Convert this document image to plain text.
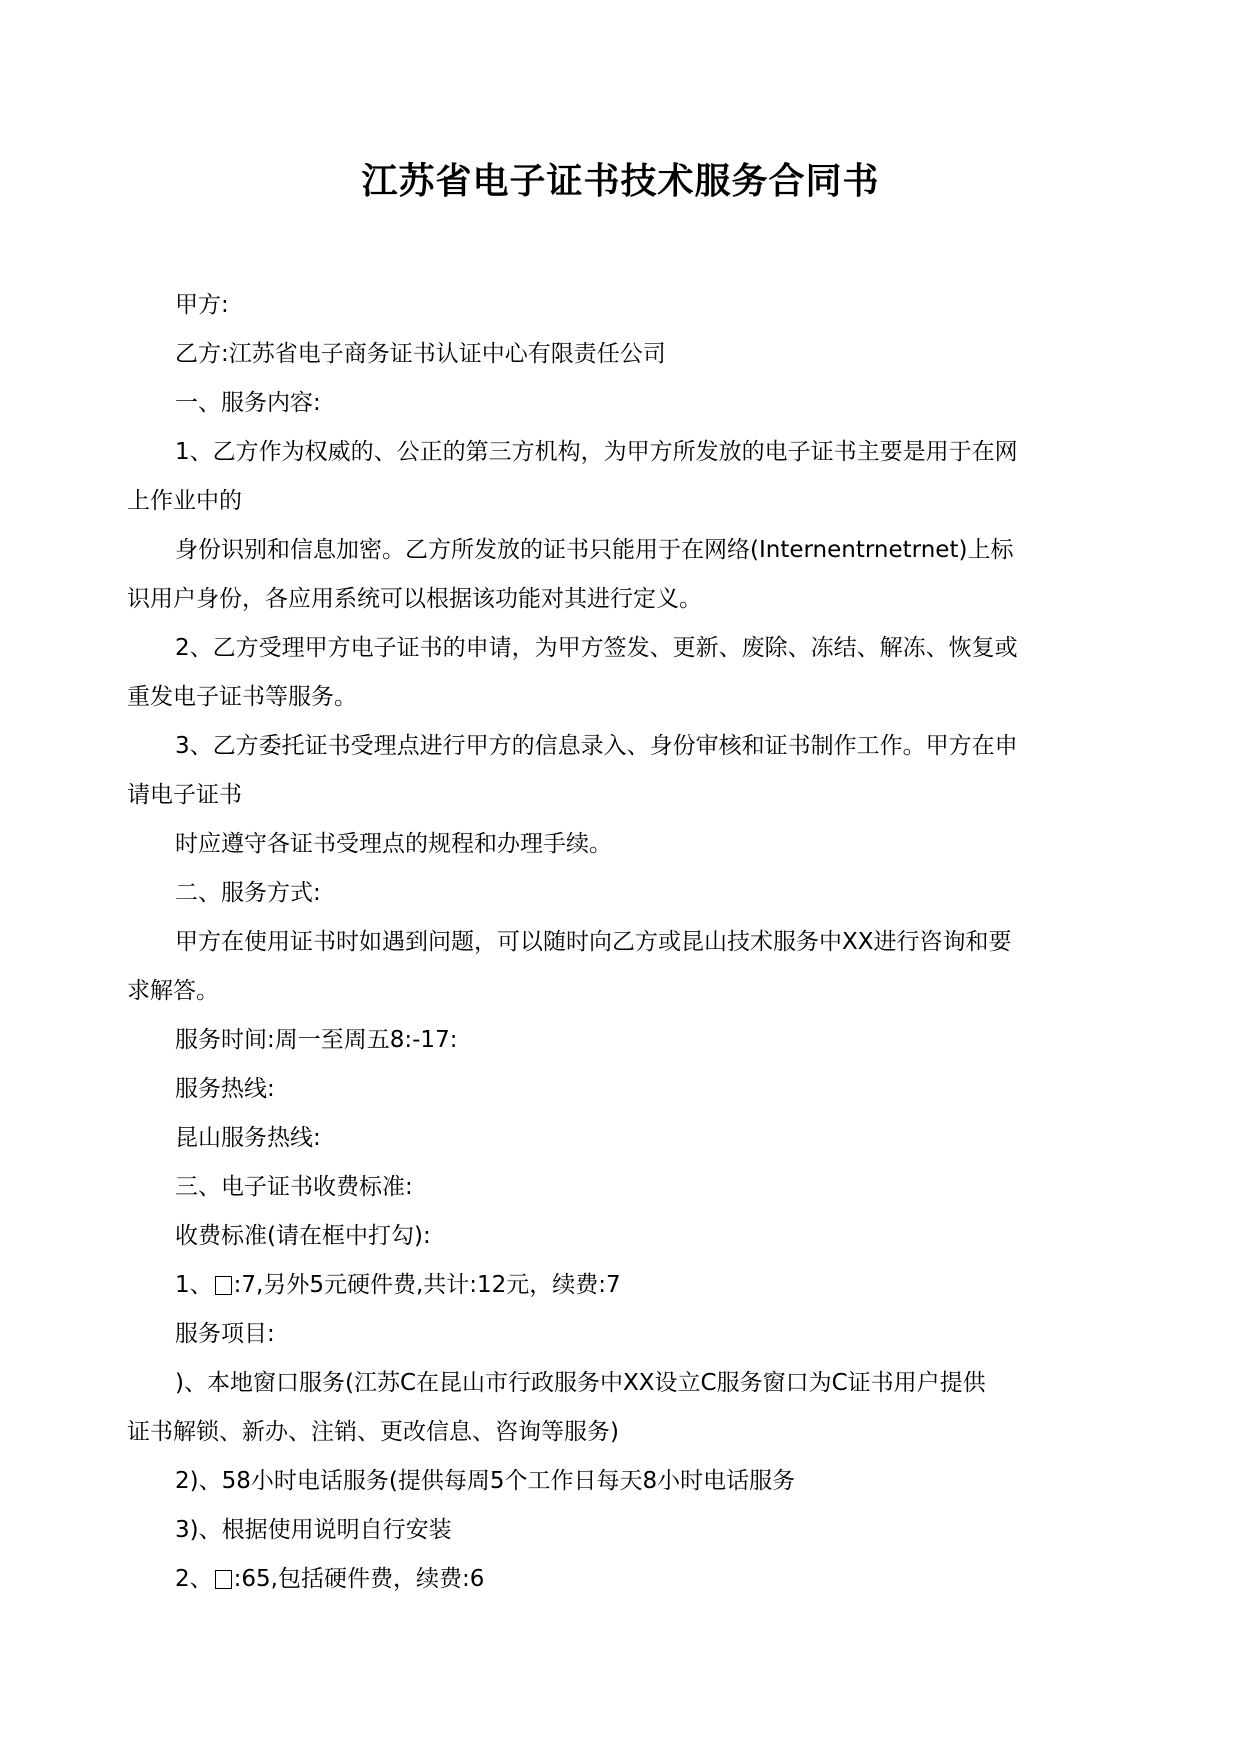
江苏省电子证书技术服务合同书

甲方:

乙方:江苏省电子商务证书认证中心有限责任公司

一、服务内容:

1、乙方作为权威的、公正的第三方机构，为甲方所发放的电子证书主要是用于在网

上作业中的

身份识别和信息加密。乙方所发放的证书只能用于在网络(Internentrnetrnet)上标

识用户身份，各应用系统可以根据该功能对其进行定义。

2、乙方受理甲方电子证书的申请，为甲方签发、更新、废除、冻结、解冻、恢复或

重发电子证书等服务。

3、乙方委托证书受理点进行甲方的信息录入、身份审核和证书制作工作。甲方在申

请电子证书

时应遵守各证书受理点的规程和办理手续。

二、服务方式:

甲方在使用证书时如遇到问题，可以随时向乙方或昆山技术服务中XX进行咨询和要

求解答。

服务时间:周一至周五8:-17:

服务热线:

昆山服务热线:

三、电子证书收费标准:

收费标准(请在框中打勾):

1、 :7,另外5元硬件费,共计:12元，续费:7

服务项目:

)、本地窗口服务(江苏C在昆山市行政服务中XX设立C服务窗口为C证书用户提供

证书解锁、新办、注销、更改信息、咨询等服务)

2)、58小时电话服务(提供每周5个工作日每天8小时电话服务

3)、根据使用说明自行安装

2、 :65,包括硬件费，续费:6
